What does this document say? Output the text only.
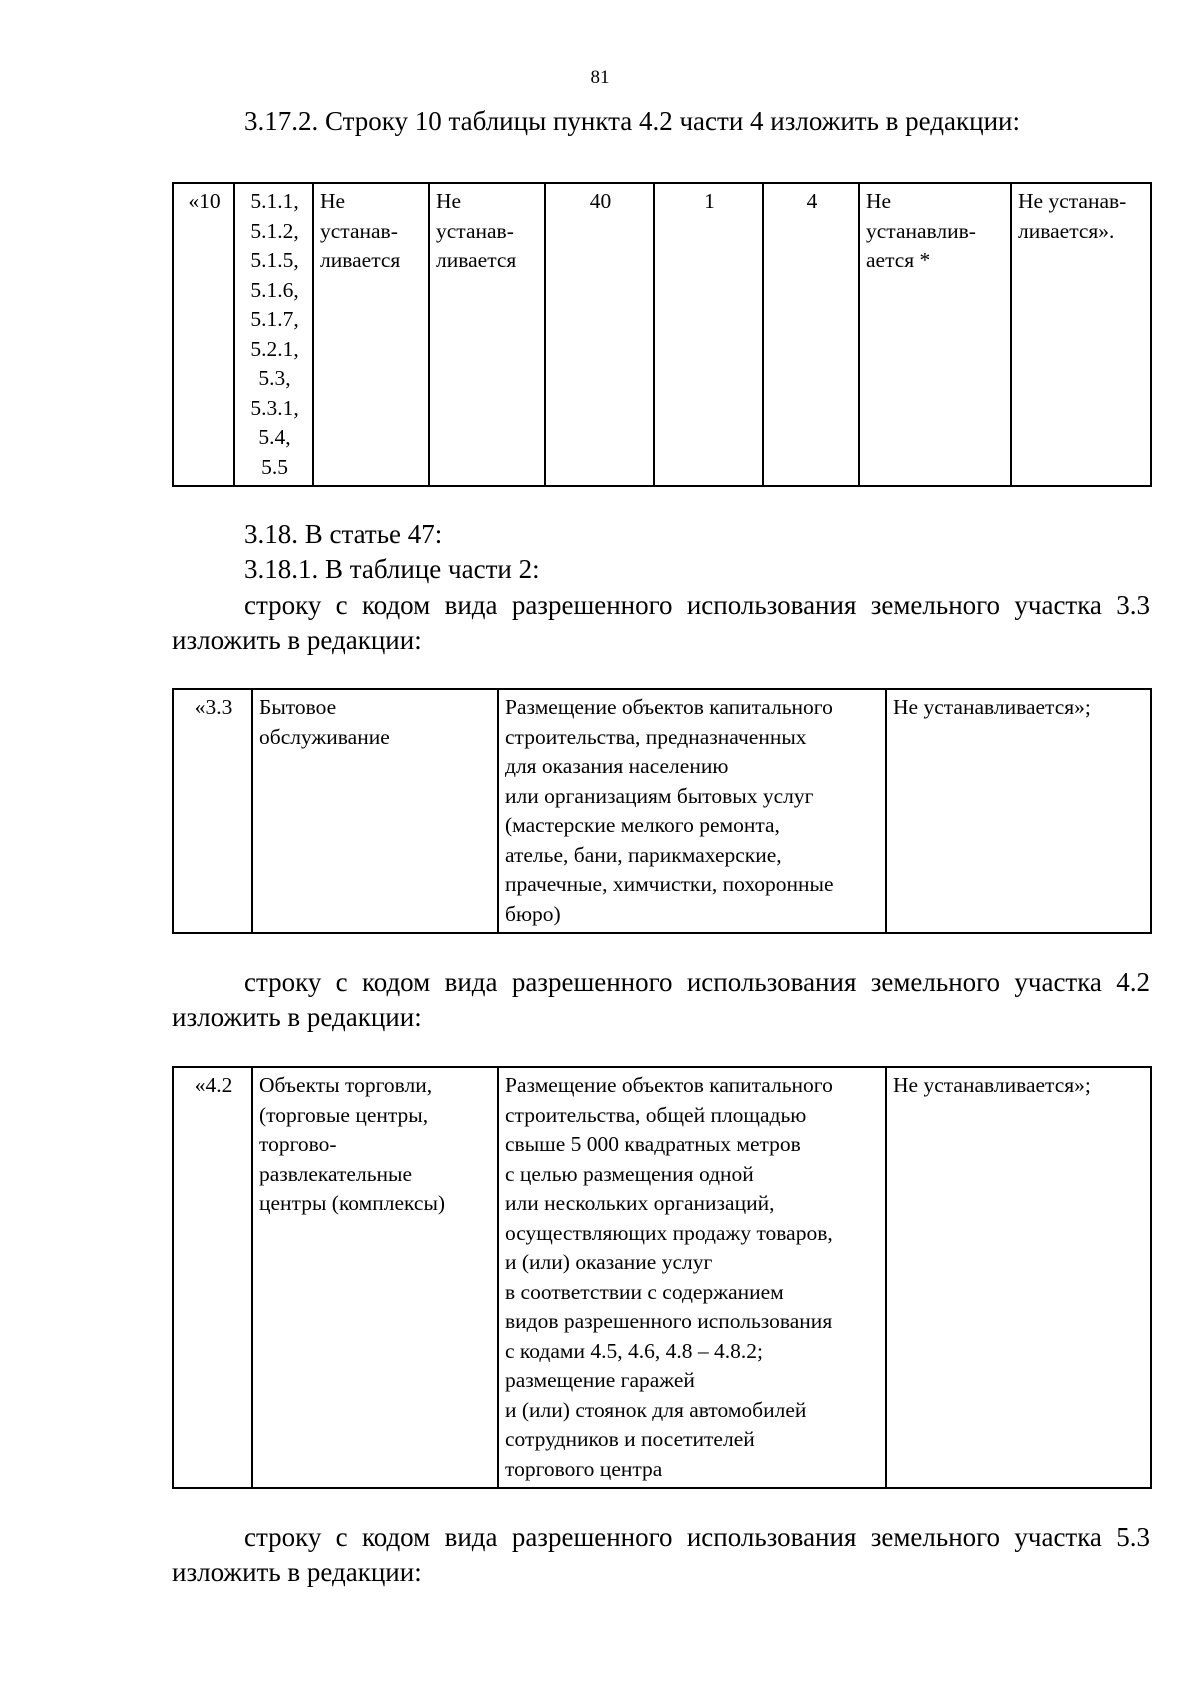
81

3.17.2. Строку 10 таблицы пункта 4.2 части 4 изложить в редакции:

«10	5.1.1,
5.1.2,
5.1.5,
5.1.6,
5.1.7,
5.2.1,
5.3,
5.3.1,
5.4,
5.5	Не
устанав-
ливается	Не
устанав-
ливается	40	1	4	Не
устанавлив-
ается *	Не устанав-
ливается».

3.18. В статье 47:

3.18.1. В таблице части 2:

строку с кодом вида разрешенного использования земельного участка 3.3
изложить в редакции:
«3.3	Бытовое
обслуживание	Размещение объектов капитального
строительства, предназначенных
для оказания населению
или организациям бытовых услуг
(мастерские мелкого ремонта,
ателье, бани, парикмахерские,
прачечные, химчистки, похоронные
бюро)	Не устанавливается»;
строку с кодом вида разрешенного использования земельного участка 4.2
изложить в редакции:
«4.2	Объекты торговли,
(торговые центры,
торгово-
развлекательные
центры (комплексы)	Размещение объектов капитального
строительства, общей площадью
свыше 5 000 квадратных метров
с целью размещения одной
или нескольких организаций,
осуществляющих продажу товаров,
и (или) оказание услуг
в соответствии с содержанием
видов разрешенного использования
с кодами 4.5, 4.6, 4.8 – 4.8.2;
размещение гаражей
и (или) стоянок для автомобилей
сотрудников и посетителей
торгового центра	Не устанавливается»;
строку с кодом вида разрешенного использования земельного участка 5.3
изложить в редакции:
